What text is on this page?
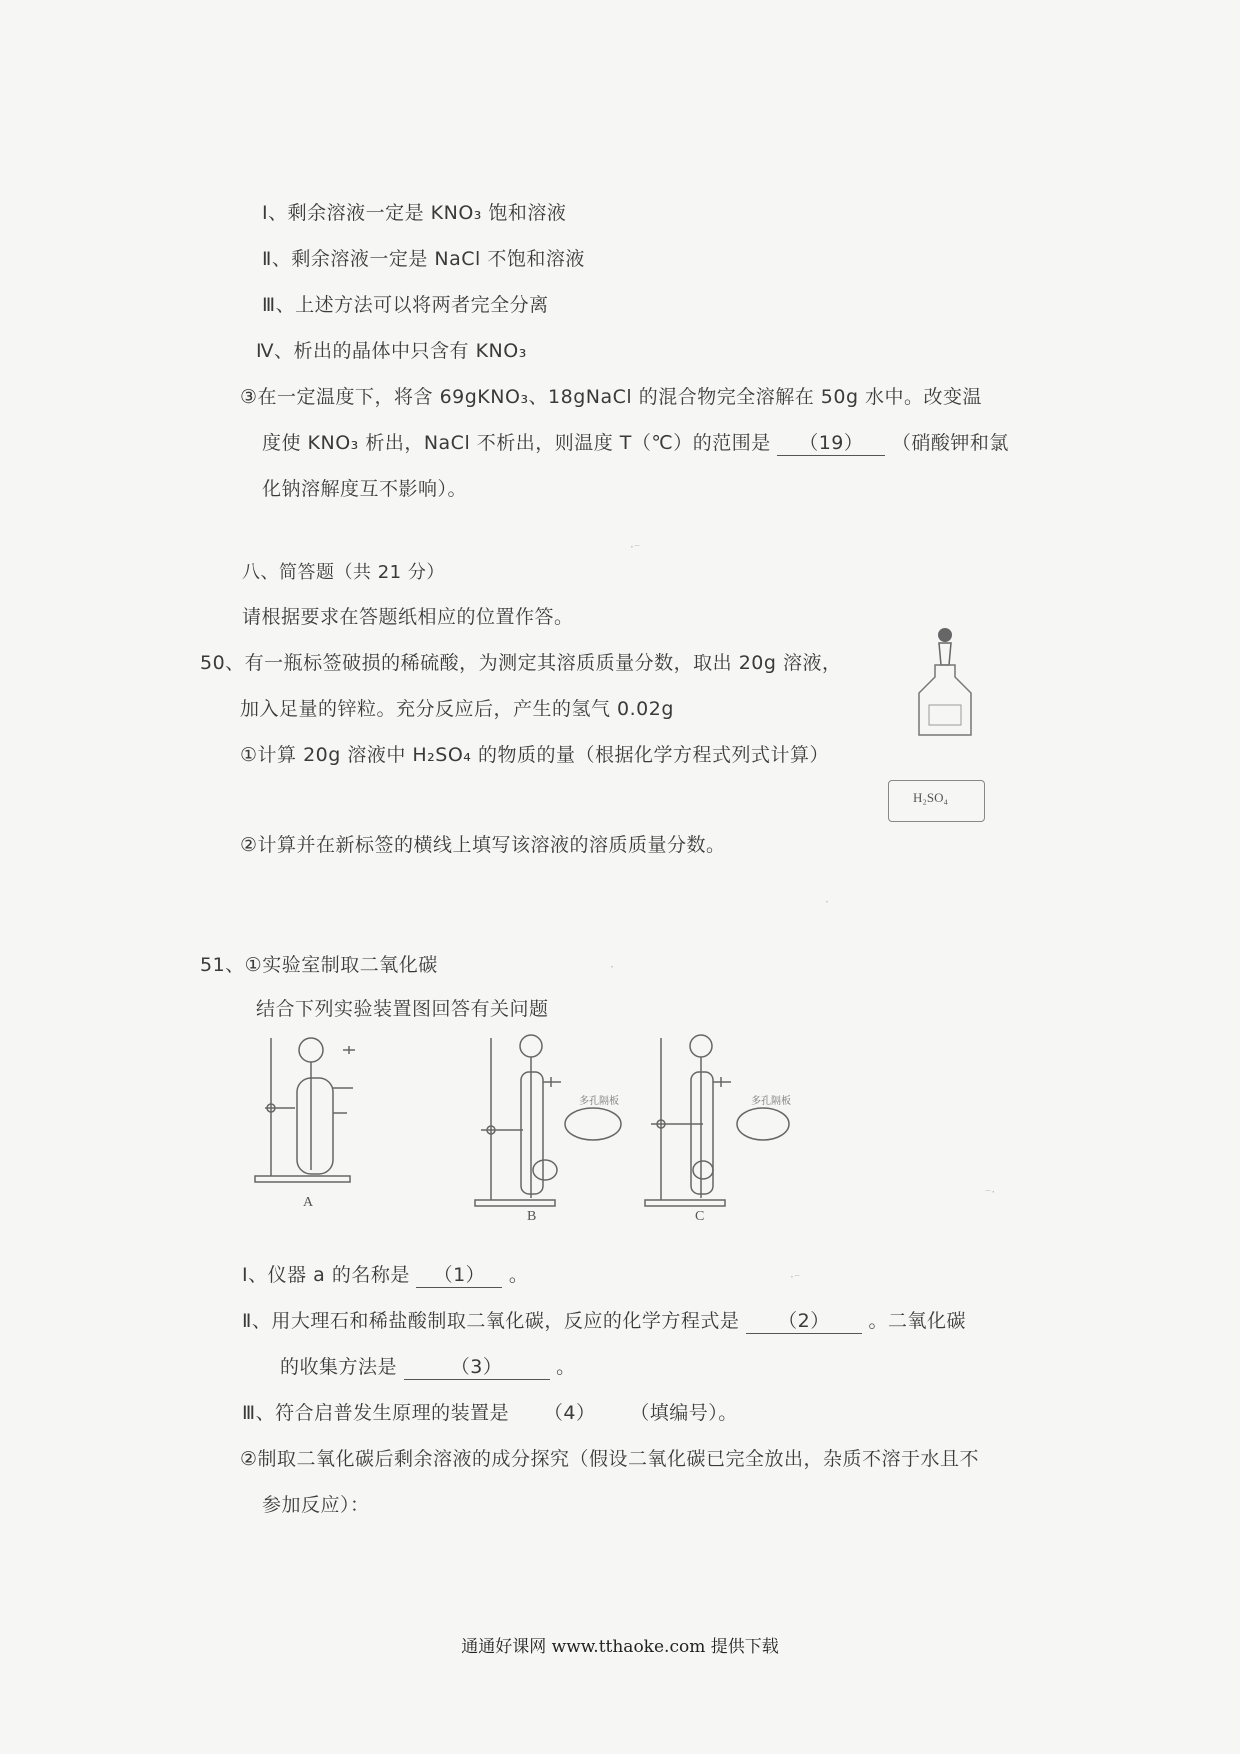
Ⅰ、剩余溶液一定是 KNO₃ 饱和溶液
Ⅱ、剩余溶液一定是 NaCl 不饱和溶液
Ⅲ、上述方法可以将两者完全分离
Ⅳ、析出的晶体中只含有 KNO₃
③在一定温度下，将含 69gKNO₃、18gNaCl 的混合物完全溶解在 50g 水中。改变温
度使 KNO₃ 析出，NaCl 不析出，则温度 T（℃）的范围是 （19） （硝酸钾和氯
化钠溶解度互不影响）。
八、简答题（共 21 分）
请根据要求在答题纸相应的位置作答。
50、有一瓶标签破损的稀硫酸，为测定其溶质质量分数，取出 20g 溶液，
加入足量的锌粒。充分反应后，产生的氢气 0.02g
①计算 20g 溶液中 H₂SO₄ 的物质的量（根据化学方程式列式计算）
②计算并在新标签的横线上填写该溶液的溶质质量分数。
H₂SO₄
51、①实验室制取二氧化碳
结合下列实验装置图回答有关问题
A
多孔隔板
B
多孔隔板
C
Ⅰ、仪器 a 的名称是 （1） 。
Ⅱ、用大理石和稀盐酸制取二氧化碳，反应的化学方程式是 （2） 。二氧化碳
的收集方法是	（3）	。
Ⅲ、符合启普发生原理的装置是 （4） （填编号）。
②制取二氧化碳后剩余溶液的成分探究（假设二氧化碳已完全放出，杂质不溶于水且不
参加反应）：
·⁻
·
·
⁻·
·⁻
通通好课网 www.tthaoke.com 提供下载
